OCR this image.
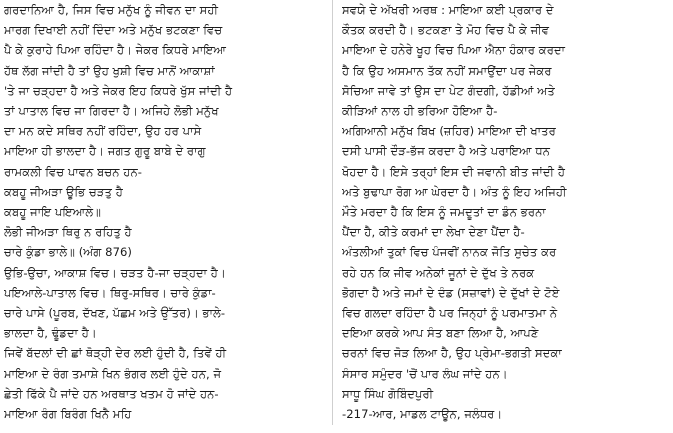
ਗਰਦਾਨਿਆ ਹੈ, ਜਿਸ ਵਿਚ ਮਨੁੱਖ ਨੂੰ ਜੀਵਨ ਦਾ ਸਹੀ
ਮਾਰਗ ਦਿਖਾਈ ਨਹੀਂ ਦਿੰਦਾ ਅਤੇ ਮਨੁੱਖ ਭਟਕਣਾ ਵਿਚ
ਪੈ ਕੇ ਕੁਰਾਹੇ ਪਿਆ ਰਹਿੰਦਾ ਹੈ। ਜੇਕਰ ਕਿਧਰੇ ਮਾਇਆ
ਹੱਥ ਲੱਗ ਜਾਂਦੀ ਹੈ ਤਾਂ ਉਹ ਖੁਸ਼ੀ ਵਿਚ ਮਾਨੋਂ ਆਕਾਸ਼ਾਂ
'ਤੇ ਜਾ ਚੜ੍ਹਦਾ ਹੈ ਅਤੇ ਜੇਕਰ ਇਹ ਕਿਧਰੇ ਖੁੱਸ ਜਾਂਦੀ ਹੈ
ਤਾਂ ਪਾਤਾਲ ਵਿਚ ਜਾ ਗਿਰਦਾ ਹੈ। ਅਜਿਹੇ ਲੋਭੀ ਮਨੁੱਖ
ਦਾ ਮਨ ਕਦੇ ਸਥਿਰ ਨਹੀਂ ਰਹਿੰਦਾ, ਉਹ ਹਰ ਪਾਸੇ
ਮਾਇਆ ਹੀ ਭਾਲਦਾ ਹੈ। ਜਗਤ ਗੁਰੂ ਬਾਬੇ ਦੇ ਰਾਗੁ
ਰਾਮਕਲੀ ਵਿਚ ਪਾਵਨ ਬਚਨ ਹਨ-
ਕਬਹੂ ਜੀਅੜਾ ਊਭਿ ਚੜਤੁ ਹੈ
ਕਬਹੂ ਜਾਇ ਪਇਆਲੇ॥
ਲੋਭੀ ਜੀਅੜਾ ਥਿਰੁ ਨ ਰਹਿਤੁ ਹੈ
ਚਾਰੇ ਕੁੰਡਾ ਭਾਲੇ॥ (ਅੰਗ 876)
ਉਭਿ-ਉਚਾ, ਆਕਾਸ਼ ਵਿਚ। ਚੜਤ ਹੈ-ਜਾ ਚੜ੍ਹਦਾ ਹੈ।
ਪਇਆਲੇ-ਪਾਤਾਲ ਵਿਚ। ਥਿਰੁ-ਸਥਿਰ। ਚਾਰੇ ਕੁੰਡਾ-
ਚਾਰੇ ਪਾਸੇ (ਪੂਰਬ, ਦੱਖਣ, ਪੱਛਮ ਅਤੇ ਉੱਤਰ)। ਭਾਲੇ-
ਭਾਲਦਾ ਹੈ, ਢੂੰਡਦਾ ਹੈ।
ਜਿਵੇਂ ਬੱਦਲਾਂ ਦੀ ਛਾਂ ਥੋੜ੍ਹੀ ਦੇਰ ਲਈ ਹੁੰਦੀ ਹੈ, ਤਿਵੇਂ ਹੀ
ਮਾਇਆ ਦੇ ਰੰਗ ਤਮਾਸ਼ੇ ਖਿਨ ਭੰਗਰ ਲਈ ਹੁੰਦੇ ਹਨ, ਜੋ
ਛੇਤੀ ਫਿੱਕੇ ਪੈ ਜਾਂਦੇ ਹਨ ਅਰਥਾਤ ਖਤਮ ਹੋ ਜਾਂਦੇ ਹਨ-
ਮਾਇਆ ਰੰਗ ਬਿਰੰਗ ਖਿਨੈ ਮਹਿ
ਸਵਯੇ ਦੇ ਅੱਖਰੀ ਅਰਥ : ਮਾਇਆ ਕਈ ਪ੍ਰਕਾਰ ਦੇ
ਕੌਤਕ ਕਰਦੀ ਹੈ। ਭਟਕਣਾ ਤੇ ਮੋਹ ਵਿਚ ਪੈ ਕੇ ਜੀਵ
ਮਾਇਆ ਦੇ ਹਨੇਰੇ ਖੂਹ ਵਿਚ ਪਿਆ ਐਨਾ ਹੰਕਾਰ ਕਰਦਾ
ਹੈ ਕਿ ਉਹ ਅਸਮਾਨ ਤੱਕ ਨਹੀਂ ਸਮਾਉਂਦਾ ਪਰ ਜੇਕਰ
ਸੋਚਿਆ ਜਾਵੇ ਤਾਂ ਉਸ ਦਾ ਪੇਟ ਗੰਦਗੀ, ਹੱਡੀਆਂ ਅਤੇ
ਕੀੜਿਆਂ ਨਾਲ ਹੀ ਭਰਿਆ ਹੋਇਆ ਹੈ-
ਅਗਿਆਨੀ ਮਨੁੱਖ ਬਿਖ (ਜ਼ਹਿਰ) ਮਾਇਆ ਦੀ ਖਾਤਰ
ਦਸੀ ਪਾਸੀ ਦੌੜ-ਭੱਜ ਕਰਦਾ ਹੈ ਅਤੇ ਪਰਾਇਆ ਧਨ
ਖੋਹਦਾ ਹੈ। ਇਸੇ ਤਰ੍ਹਾਂ ਇਸ ਦੀ ਜਵਾਨੀ ਬੀਤ ਜਾਂਦੀ ਹੈ
ਅਤੇ ਬੁਢਾਪਾ ਰੋਗ ਆ ਘੇਰਦਾ ਹੈ। ਅੰਤ ਨੂੰ ਇਹ ਅਜਿਹੀ
ਮੌਤੇ ਮਰਦਾ ਹੈ ਕਿ ਇਸ ਨੂੰ ਜਮਦੂਤਾਂ ਦਾ ਡੰਨ ਭਰਨਾ
ਪੈਂਦਾ ਹੈ, ਕੀਤੇ ਕਰਮਾਂ ਦਾ ਲੇਖਾ ਦੇਣਾ ਪੈਂਦਾ ਹੈ-
ਅੰਤਲੀਆਂ ਤੁਕਾਂ ਵਿਚ ਪੰਜਵੀਂ ਨਾਨਕ ਜੋਤਿ ਸੁਚੇਤ ਕਰ
ਰਹੇ ਹਨ ਕਿ ਜੀਵ ਅਨੇਕਾਂ ਜੂਨਾਂ ਦੇ ਦੁੱਖ ਤੇ ਨਰਕ
ਭੋਗਦਾ ਹੈ ਅਤੇ ਜਮਾਂ ਦੇ ਦੰਡ (ਸਜ਼ਾਵਾਂ) ਦੇ ਦੁੱਖਾਂ ਦੇ ਟੋਏ
ਵਿਚ ਗਲਦਾ ਰਹਿੰਦਾ ਹੈ ਪਰ ਜਿਨ੍ਹਾਂ ਨੂੰ ਪਰਮਾਤਮਾ ਨੇ
ਦਇਆ ਕਰਕੇ ਆਪ ਸੰਤ ਬਣਾ ਲਿਆ ਹੈ, ਆਪਣੇ
ਚਰਨਾਂ ਵਿਚ ਜੋੜ ਲਿਆ ਹੈ, ਉਹ ਪ੍ਰੇਮਾ-ਭਗਤੀ ਸਦਕਾ
ਸੰਸਾਰ ਸਮੁੰਦਰ 'ਚੋਂ ਪਾਰ ਲੰਘ ਜਾਂਦੇ ਹਨ।
ਸਾਧੂ ਸਿੰਘ ਗੋਬਿੰਦਪੁਰੀ
-217-ਆਰ, ਮਾਡਲ ਟਾਊਨ, ਜਲੰਧਰ।
